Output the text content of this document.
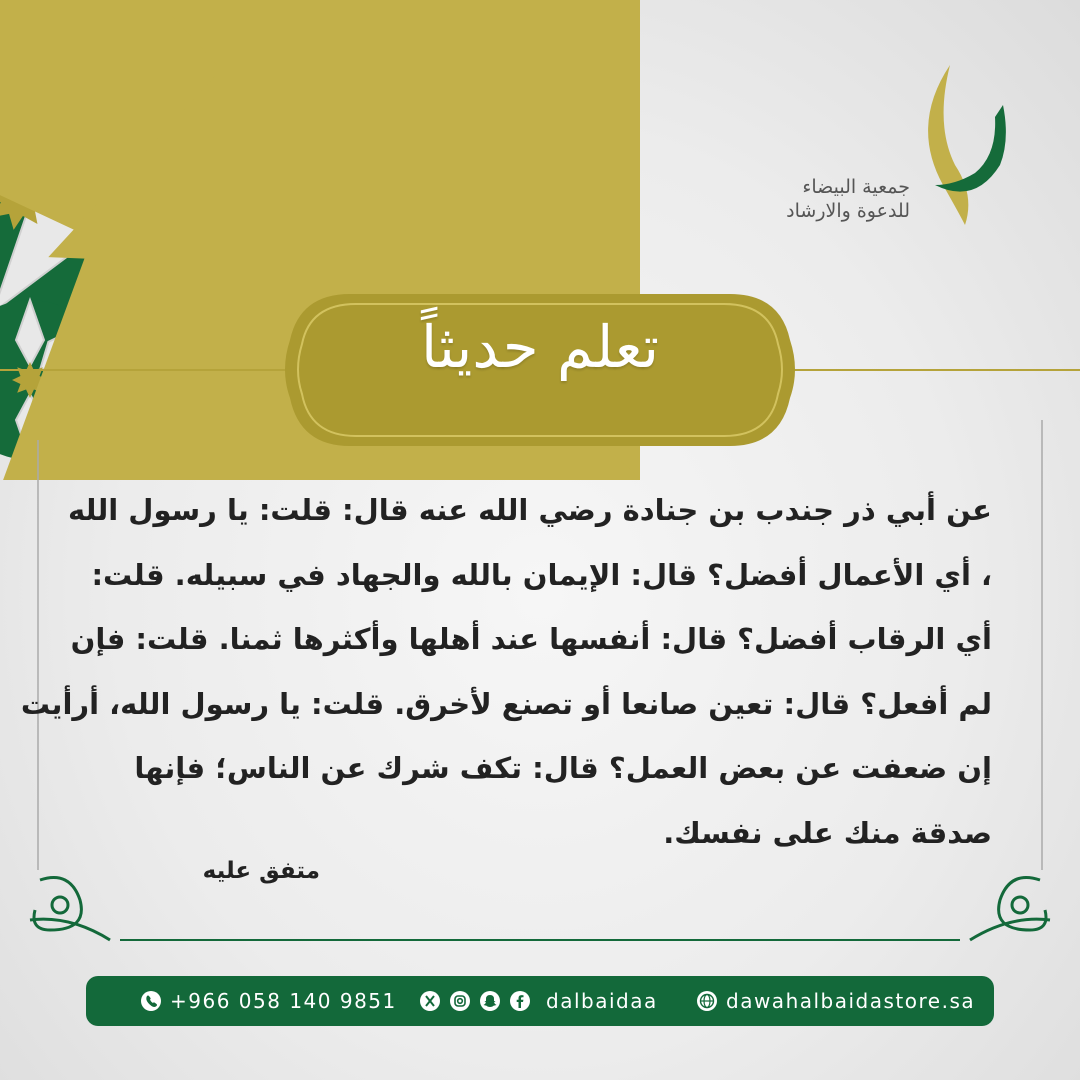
جمعية البيضاء
للدعوة والارشاد
تعلم حديثاً
عن أبي ذر جندب بن جنادة رضي الله عنه قال: قلت: يا رسول الله
، أي الأعمال أفضل؟ قال: الإيمان بالله والجهاد في سبيله. قلت:
أي الرقاب أفضل؟ قال: أنفسها عند أهلها وأكثرها ثمنا. قلت: فإن
لم أفعل؟ قال: تعين صانعا أو تصنع لأخرق. قلت: يا رسول الله، أرأيت
إن ضعفت عن بعض العمل؟ قال: تكف شرك عن الناس؛ فإنها
صدقة منك على نفسك.
متفق عليه
+966 058 140 9851	dalbaidaa	dawahalbaidastore.sa
